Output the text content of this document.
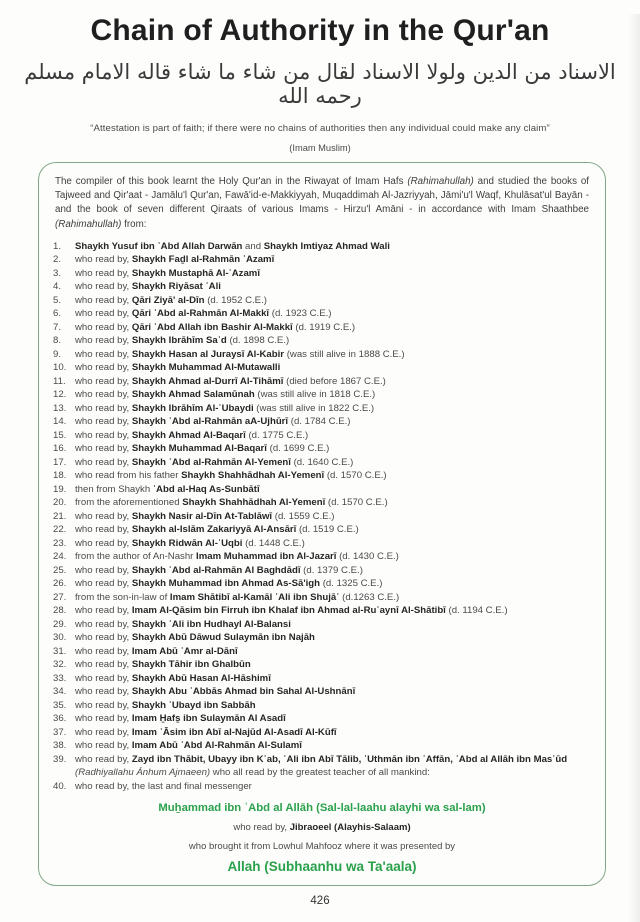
Chain of Authority in the Qur'an
الاسناد من الدين ولولا الاسناد لقال من شاء ما شاء قاله الامام مسلم رحمه الله
“Attestation is part of faith; if there were no chains of authorities then any individual could make any claim”
(Imam Muslim)

The compiler of this book learnt the Holy Qur'an in the Riwayat of Imam Hafs (Rahimahullah) and studied the books of Tajweed and Qir'aat - Jamālu'l Qur'an, Fawā'id-e-Makkiyyah, Muqaddimah Al-Jazriyyah, Jāmi'u'l Waqf, Khulāsat'ul Bayān - and the book of seven different Qiraats of various Imams - Hirzu'l Amāni - in accordance with Imam Shaathbee (Rahimahullah) from:

1.	Shaykh Yusuf ibn ʿAbd Allah Darwān and Shaykh Imtiyaz Ahmad Wali
2.	who read by, Shaykh Faḏl al-Rahmān ʿAzamī
3.	who read by, Shaykh Mustaphā Al-ʿAzamī
4.	who read by, Shaykh Riyāsat ʿAli
5.	who read by, Qāri Ziyā' al-Dīn (d. 1952 C.E.)
6.	who read by, Qāri ʿAbd al-Rahmān Al-Makkī (d. 1923 C.E.)
7.	who read by, Qāri ʿAbd Allah ibn Bashir Al-Makkī (d. 1919 C.E.)
8.	who read by, Shaykh Ibrāhīm Saʿd (d. 1898 C.E.)
9.	who read by, Shaykh Hasan al Juraysī Al-Kabir (was still alive in 1888 C.E.)
10. who read by, Shaykh Muhammad Al-Mutawalli
11. who read by, Shaykh Ahmad al-Durrī Al-Tihāmī (died before 1867 C.E.)
12. who read by, Shaykh Ahmad Salamūnah (was still alive in 1818 C.E.)
13. who read by, Shaykh Ibrāhīm Al-ʿUbaydi (was still alive in 1822 C.E.)
14. who read by, Shaykh ʿAbd al-Rahmān aA-Ujhūrī (d. 1784 C.E.)
15. who read by, Shaykh Ahmad Al-Baqarī (d. 1775 C.E.)
16. who read by, Shaykh Muhammad Al-Baqarī (d. 1699 C.E.)
17. who read by, Shaykh ʿAbd al-Rahmān Al-Yemenī (d. 1640 C.E.)
18. who read from his father Shaykh Shahhādhah Al-Yemenī (d. 1570 C.E.)
19. then from Shaykh ʿAbd al-Haq As-Sunbātī
20. from the aforementioned Shaykh Shahhādhah Al-Yemenī (d. 1570 C.E.)
21. who read by, Shaykh Nasir al-Dīn At-Tablāwī (d. 1559 C.E.)
22. who read by, Shaykh al-Islām Zakariyyā Al-Ansārī (d. 1519 C.E.)
23. who read by, Shaykh Ridwān Al-ʿUqbi (d. 1448 C.E.)
24. from the author of An-Nashr Imam Muhammad ibn Al-Jazarī (d. 1430 C.E.)
25. who read by, Shaykh ʿAbd al-Rahmān Al Baghdādī (d. 1379 C.E.)
26. who read by, Shaykh Muhammad ibn Ahmad As-Sā'igh (d. 1325 C.E.)
27. from the son-in-law of Imam Shātibī al-Kamāl ʿAli ibn Shujāʿ (d.1263 C.E.)
28. who read by, Imam Al-Qāsim bin Firruh ibn Khalaf ibn Ahmad al-Ruʿaynī Al-Shātibī (d. 1194 C.E.)
29. who read by, Shaykh ʿAli ibn Hudhayl Al-Balansi
30. who read by, Shaykh Abū Dāwud Sulaymān ibn Najāh
31. who read by, Imam Abū ʿAmr al-Dānī
32. who read by, Shaykh Tāhir ibn Ghalbūn
33. who read by, Shaykh Abū Hasan Al-Hāshimī
34. who read by, Shaykh Abu ʿAbbās Ahmad bin Sahal Al-Ushnānī
35. who read by, Shaykh ʿUbayd ibn Sabbāh
36. who read by, Imam H̱afs̱ ibn Sulaymān Al Asadī
37. who read by, Imam ʿĀsim ibn Abī al-Najūd Al-Asadī Al-Kūfī
38. who read by, Imam Abū ʿAbd Al-Rahmān Al-Sulamī
39. who read by, Zayd ibn Thābit, Ubayy ibn Kʿab, ʿAli ibn Abī Tālib, ʿUthmān ibn ʿAffān, ʿAbd al Allāh ibn Masʿūd (Radhiyallahu Ánhum Ajmaeen) who all read by the greatest teacher of all mankind:
40. who read by, the last and final messenger
Muẖammad ibn ʿAbd al Allāh (Sal-lal-laahu alayhi wa sal-lam)
who read by, Jibraoeel (Alayhis-Salaam)
who brought it from Lowhul Mahfooz where it was presented by
Allah (Subhaanhu wa Ta'aala)
426
